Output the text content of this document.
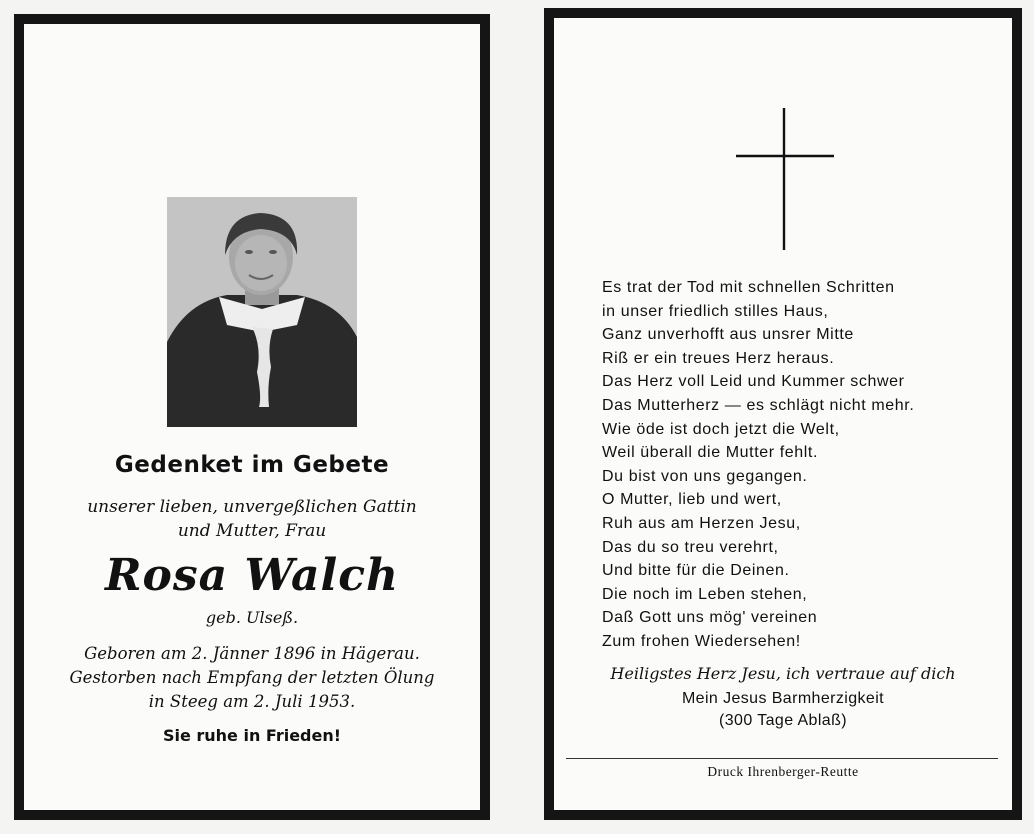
Gedenket im Gebete
unserer lieben, unvergeßlichen Gattin
und Mutter, Frau
Rosa Walch
geb. Ulseß.
Geboren am 2. Jänner 1896 in Hägerau.
Gestorben nach Empfang der letzten Ölung
in Steeg am 2. Juli 1953.
Sie ruhe in Frieden!
Es trat der Tod mit schnellen Schritten
in unser friedlich stilles Haus,
Ganz unverhofft aus unsrer Mitte
Riß er ein treues Herz heraus.
Das Herz voll Leid und Kummer schwer
Das Mutterherz — es schlägt nicht mehr.
Wie öde ist doch jetzt die Welt,
Weil überall die Mutter fehlt.
Du bist von uns gegangen.
O Mutter, lieb und wert,
Ruh aus am Herzen Jesu,
Das du so treu verehrt,
Und bitte für die Deinen.
Die noch im Leben stehen,
Daß Gott uns mög' vereinen
Zum frohen Wiedersehen!
Heiligstes Herz Jesu, ich vertraue auf dich
Mein Jesus Barmherzigkeit
(300 Tage Ablaß)
Druck Ihrenberger-Reutte
